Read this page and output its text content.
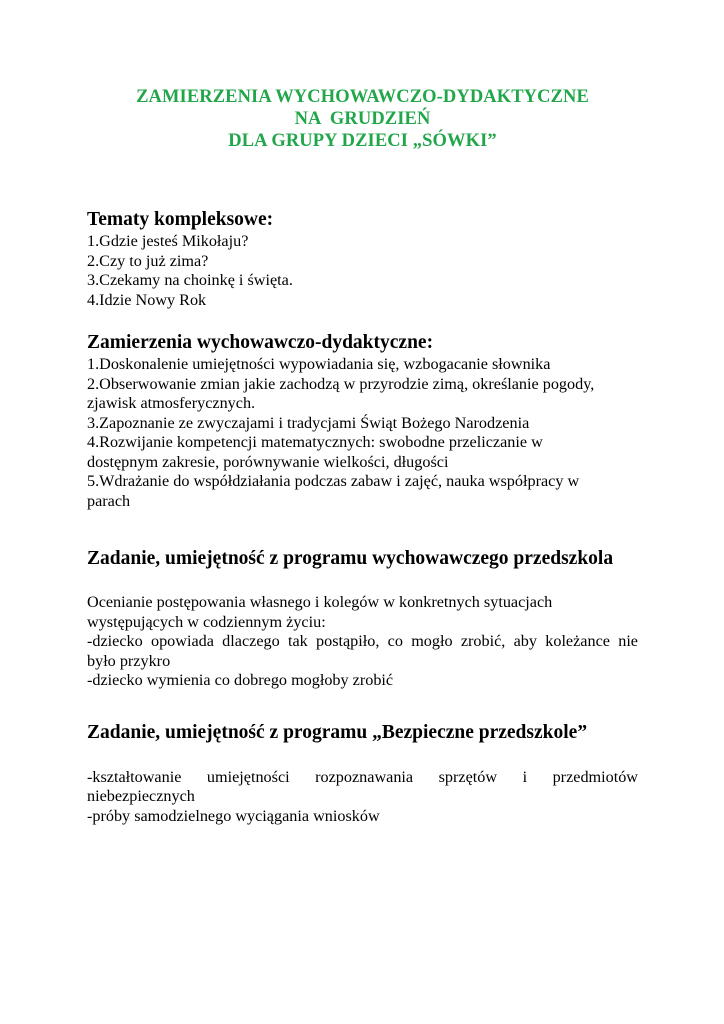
ZAMIERZENIA WYCHOWAWCZO-DYDAKTYCZNE
NA  GRUDZIEŃ
DLA GRUPY DZIECI „SÓWKI”
Tematy kompleksowe:
1.Gdzie jesteś Mikołaju?
2.Czy to już zima?
3.Czekamy na choinkę i święta.
4.Idzie Nowy Rok
Zamierzenia wychowawczo-dydaktyczne:
1.Doskonalenie umiejętności wypowiadania się, wzbogacanie słownika
2.Obserwowanie zmian jakie zachodzą w przyrodzie zimą, określanie pogody,
zjawisk atmosferycznych.
3.Zapoznanie ze zwyczajami i tradycjami Świąt Bożego Narodzenia
4.Rozwijanie kompetencji matematycznych: swobodne przeliczanie w
dostępnym zakresie, porównywanie wielkości, długości
5.Wdrażanie do współdziałania podczas zabaw i zajęć, nauka współpracy w
parach
Zadanie, umiejętność z programu wychowawczego przedszkola
Ocenianie postępowania własnego i kolegów w konkretnych sytuacjach
występujących w codziennym życiu:
-dziecko opowiada dlaczego tak postąpiło, co mogło zrobić, aby koleżance nie
było przykro
-dziecko wymienia co dobrego mogłoby zrobić
Zadanie, umiejętność z programu „Bezpieczne przedszkole”
-kształtowanie umiejętności rozpoznawania sprzętów i przedmiotów
niebezpiecznych
-próby samodzielnego wyciągania wniosków
